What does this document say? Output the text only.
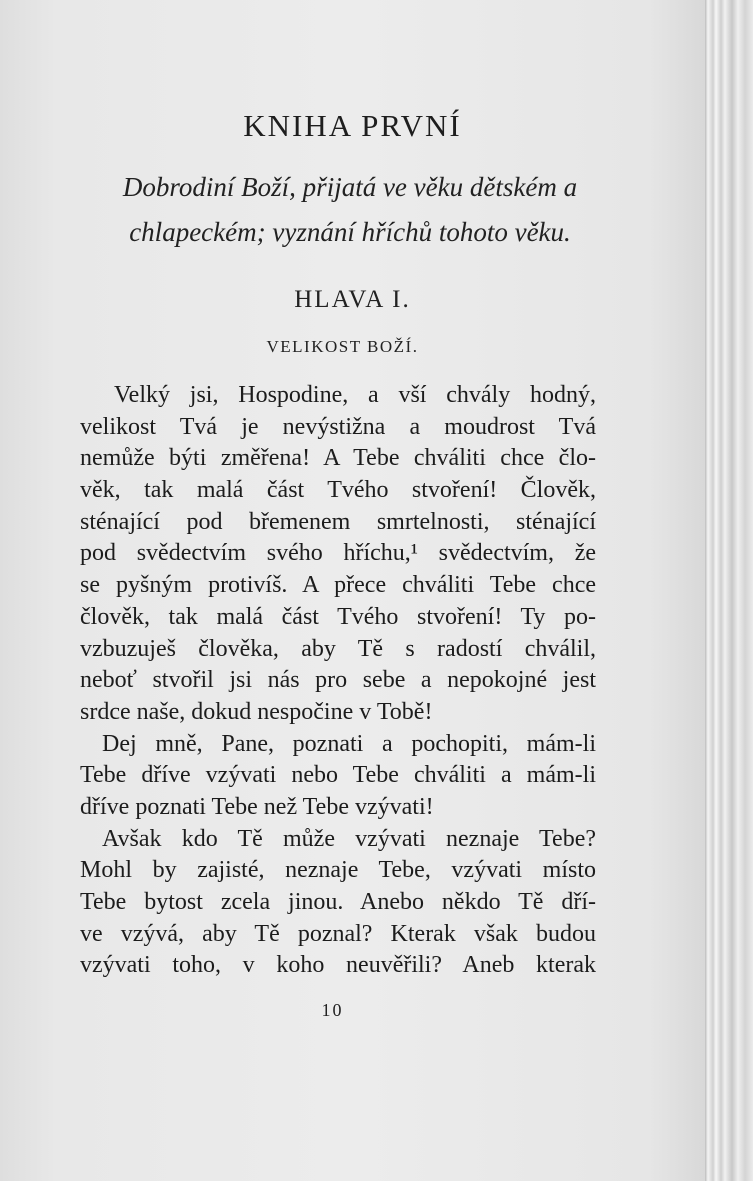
KNIHA PRVNÍ

Dobrodiní Boží, přijatá ve věku dětském a chlapeckém; vyznání hříchů tohoto věku.

HLAVA I.

VELIKOST BOŽÍ.

Velký jsi, Hospodine, a vší chvály hodný,
velikost Tvá je nevýstižna a moudrost Tvá
nemůže býti změřena! A Tebe chváliti chce člo-
věk, tak malá část Tvého stvoření! Člověk,
sténající pod břemenem smrtelnosti, sténající
pod svědectvím svého hříchu,¹ svědectvím, že
se pyšným protivíš. A přece chváliti Tebe chce
člověk, tak malá část Tvého stvoření! Ty po-
vzbuzuješ člověka, aby Tě s radostí chválil,
neboť stvořil jsi nás pro sebe a nepokojné jest
srdce naše, dokud nespočine v Tobě!
Dej mně, Pane, poznati a pochopiti, mám-li
Tebe dříve vzývati nebo Tebe chváliti a mám-li
dříve poznati Tebe než Tebe vzývati!
Avšak kdo Tě může vzývati neznaje Tebe?
Mohl by zajisté, neznaje Tebe, vzývati místo
Tebe bytost zcela jinou. Anebo někdo Tě dří-
ve vzývá, aby Tě poznal? Kterak však budou
vzývati toho, v koho neuvěřili? Aneb kterak
10
